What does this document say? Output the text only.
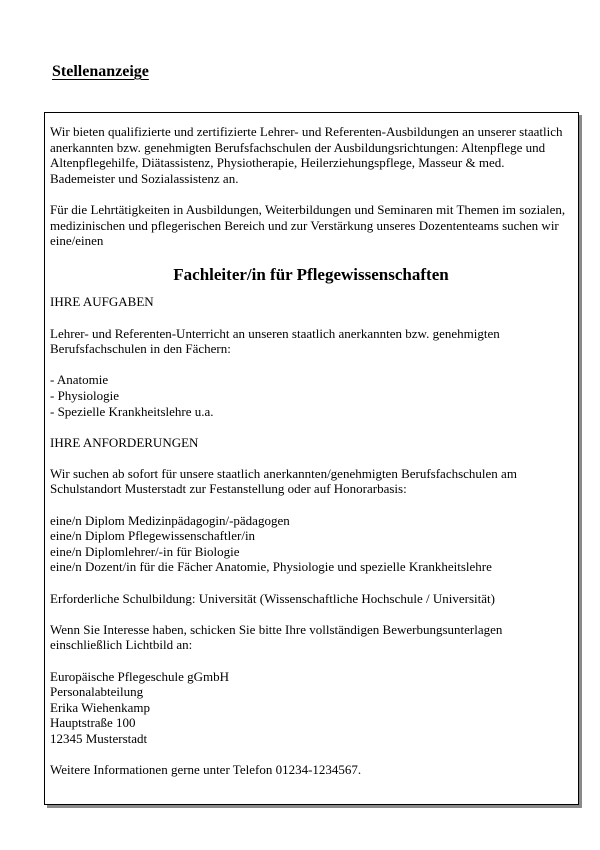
Stellenanzeige

Wir bieten qualifizierte und zertifizierte Lehrer- und Referenten-Ausbildungen an unserer staatlich anerkannten bzw. genehmigten Berufsfachschulen der Ausbildungsrichtungen: Altenpflege und Altenpflegehilfe, Diätassistenz, Physiotherapie, Heilerziehungspflege, Masseur & med. Bademeister und Sozialassistenz an.

Für die Lehrtätigkeiten in Ausbildungen, Weiterbildungen und Seminaren mit Themen im sozialen, medizinischen und pflegerischen Bereich und zur Verstärkung unseres Dozententeams suchen wir eine/einen

Fachleiter/in für Pflegewissenschaften

IHRE AUFGABEN

Lehrer- und Referenten-Unterricht an unseren staatlich anerkannten bzw. genehmigten Berufsfachschulen in den Fächern:

- Anatomie
- Physiologie
- Spezielle Krankheitslehre u.a.

IHRE ANFORDERUNGEN

Wir suchen ab sofort für unsere staatlich anerkannten/genehmigten Berufsfachschulen am Schulstandort Musterstadt zur Festanstellung oder auf Honorarbasis:

eine/n Diplom Medizinpädagogin/-pädagogen
eine/n Diplom Pflegewissenschaftler/in
eine/n Diplomlehrer/-in für Biologie
eine/n Dozent/in für die Fächer Anatomie, Physiologie und spezielle Krankheitslehre

Erforderliche Schulbildung: Universität (Wissenschaftliche Hochschule / Universität)

Wenn Sie Interesse haben, schicken Sie bitte Ihre vollständigen Bewerbungsunterlagen einschließlich Lichtbild an:

Europäische Pflegeschule gGmbH
Personalabteilung
Erika Wiehenkamp
Hauptstraße 100
12345 Musterstadt

Weitere Informationen gerne unter Telefon 01234-1234567.
